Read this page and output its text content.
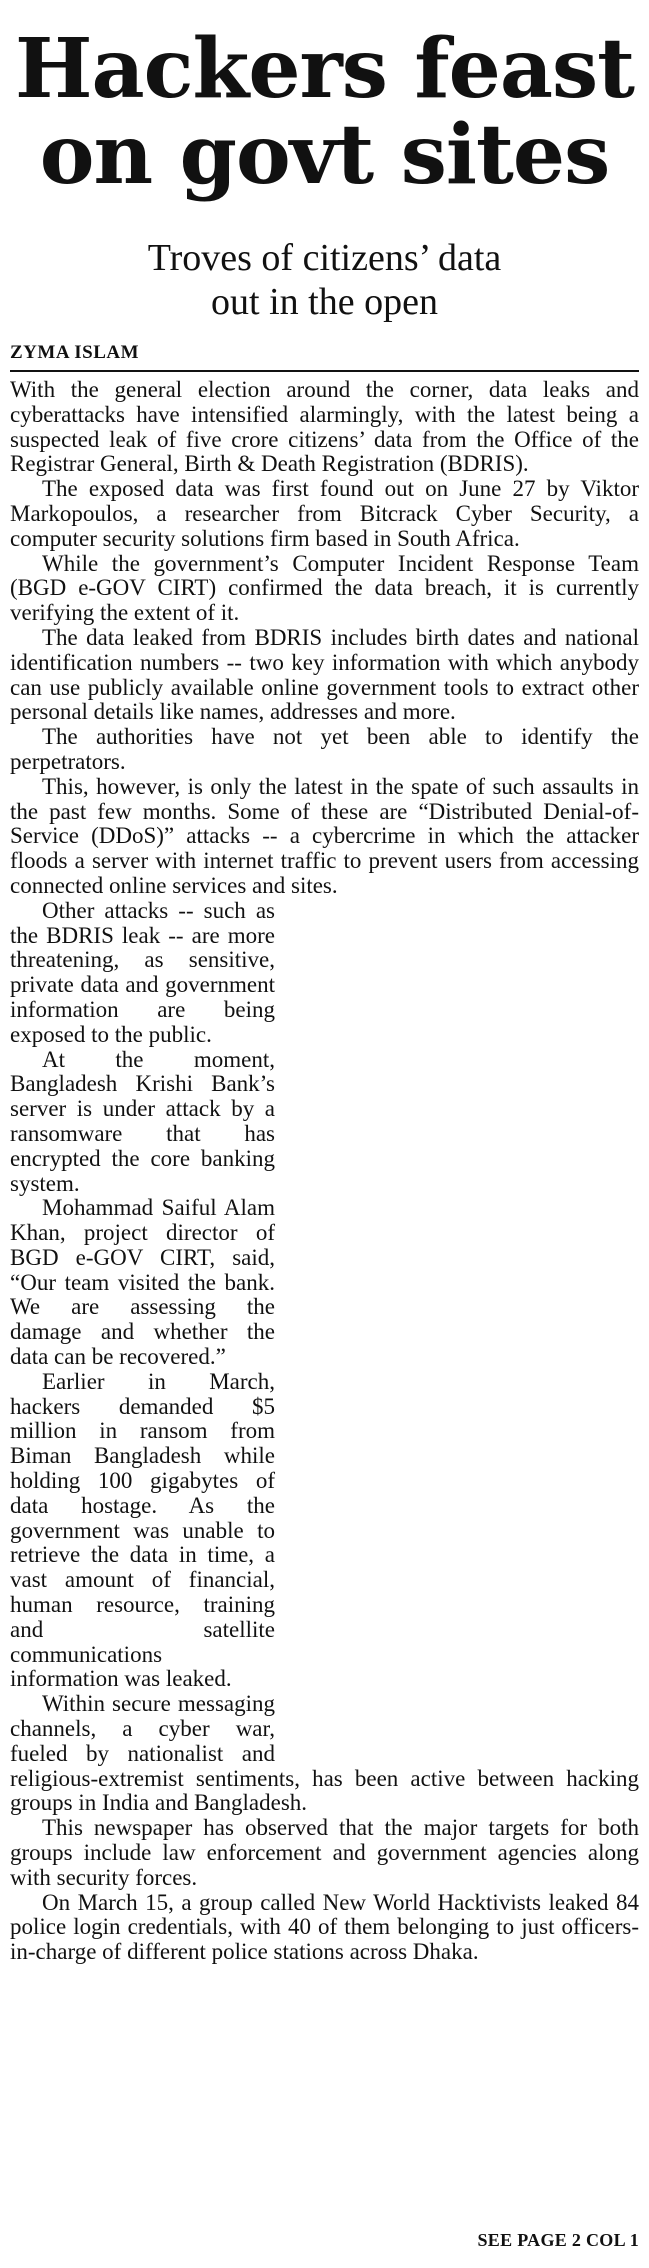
Hackers feast
on govt sites
Troves of citizens’ data
out in the open
ZYMA ISLAM

With the general election around the corner, data leaks and cyberattacks have intensified alarmingly, with the latest being a suspected leak of five crore citizens’ data from the Office of the Registrar General, Birth & Death Registration (BDRIS).

The exposed data was first found out on June 27 by Viktor Markopoulos, a researcher from Bitcrack Cyber Security, a computer security solutions firm based in South Africa.

While the government’s Computer Incident Response Team (BGD e-GOV CIRT) confirmed the data breach, it is currently verifying the extent of it.

The data leaked from BDRIS includes birth dates and national identification numbers -- two key information with which anybody can use publicly available online government tools to extract other personal details like names, addresses and more.

The authorities have not yet been able to identify the perpetrators.

This, however, is only the latest in the spate of such assaults in the past few months. Some of these are “Distributed Denial-of-Service (DDoS)” attacks -- a cybercrime in which the attacker floods a server with internet traffic to prevent users from accessing connected online services and sites.

Other attacks -- such as the BDRIS leak -- are more threatening, as sensitive, private data and government information are being exposed to the public.

At the moment, Bangladesh Krishi Bank’s server is under attack by a ransomware that has encrypted the core banking system.

Mohammad Saiful Alam Khan, project director of BGD e-GOV CIRT, said, “Our team visited the bank. We are assessing the damage and whether the data can be recovered.”

Earlier in March, hackers demanded $5 million in ransom from Biman Bangladesh while holding 100 gigabytes of data hostage. As the government was unable to retrieve the data in time, a vast amount of financial, human resource, training and satellite communications information was leaked.

Within secure messaging channels, a cyber war, fueled by nationalist and religious-extremist sentiments, has been active between hacking groups in India and Bangladesh.

This newspaper has observed that the major targets for both groups include law enforcement and government agencies along with security forces.

On March 15, a group called New World Hacktivists leaked 84 police login credentials, with 40 of them belonging to just officers-in-charge of different police stations across Dhaka.

SEE PAGE 2 COL 1
